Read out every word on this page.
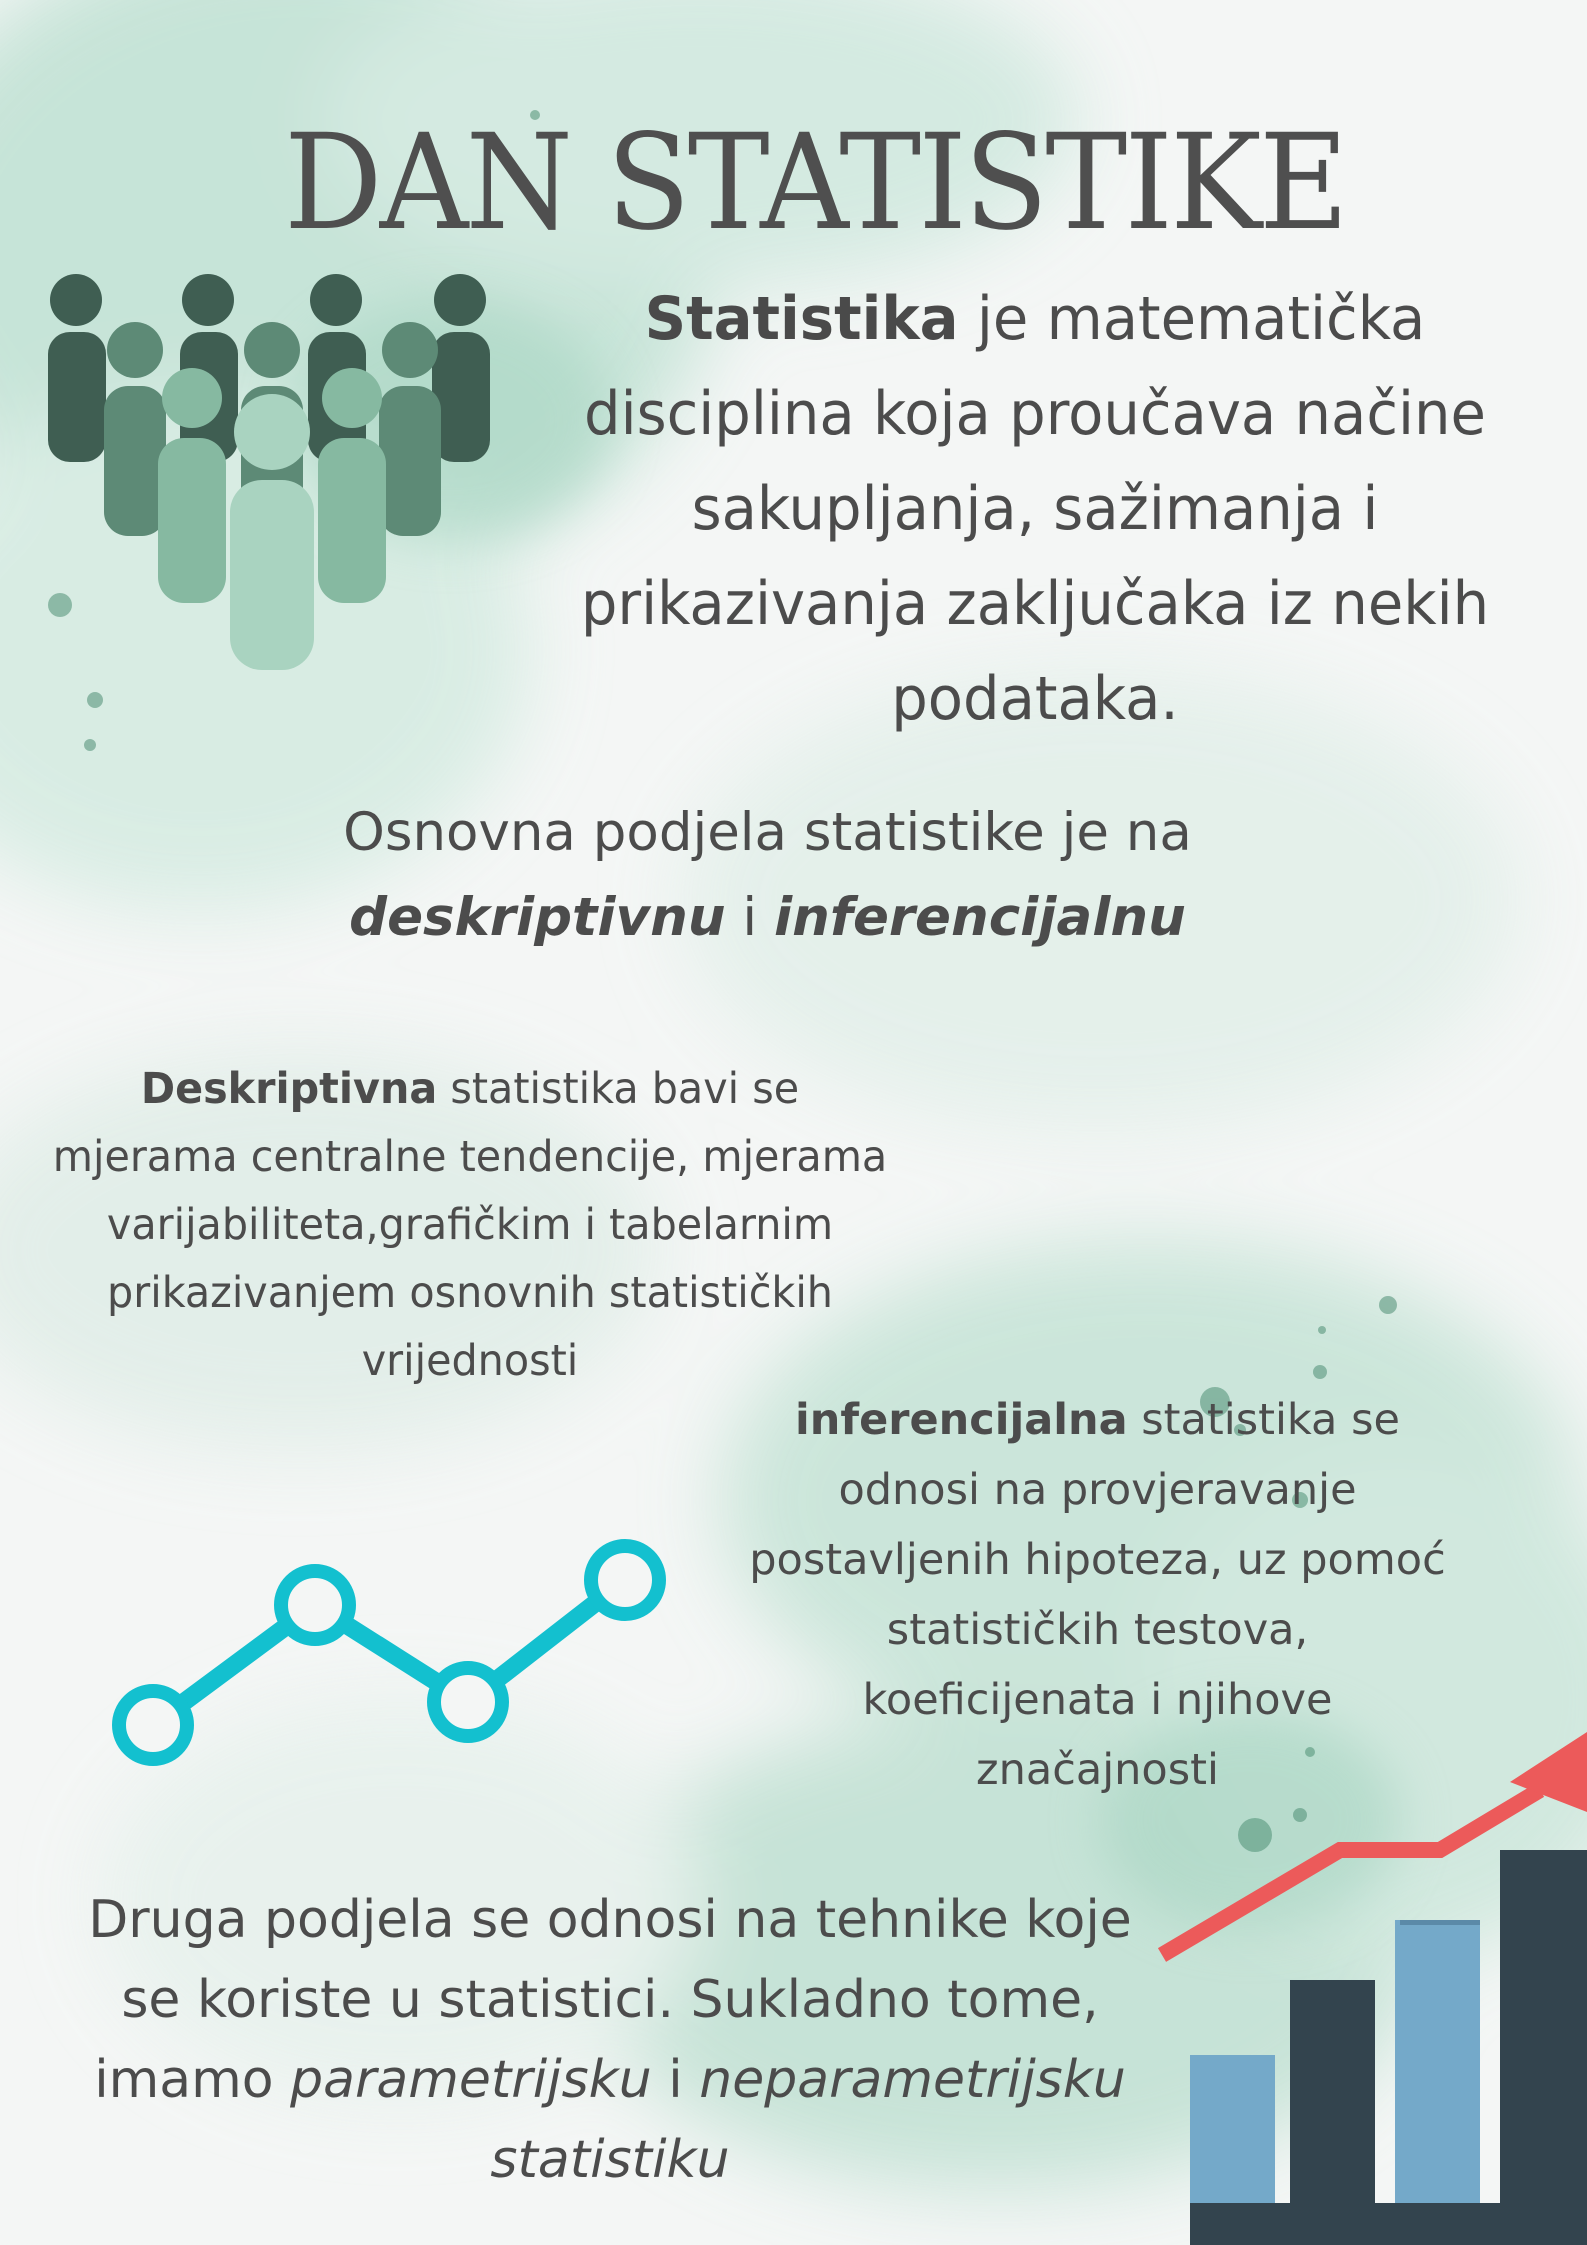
DAN STATISTIKE
Statistika je matematička disciplina koja proučava načine sakupljanja, sažimanja i prikazivanja zaključaka iz nekih podataka.
Osnovna podjela statistike je na
deskriptivnu i inferencijalnu
Deskriptivna statistika bavi se mjerama centralne tendencije, mjerama varijabiliteta,grafičkim i tabelarnim prikazivanjem osnovnih statističkih vrijednosti
inferencijalna statistika se odnosi na provjeravanje postavljenih hipoteza, uz pomoć statističkih testova, koeficijenata i njihove značajnosti
Druga podjela se odnosi na tehnike koje se koriste u statistici. Sukladno tome, imamo parametrijsku i neparametrijsku statistiku
